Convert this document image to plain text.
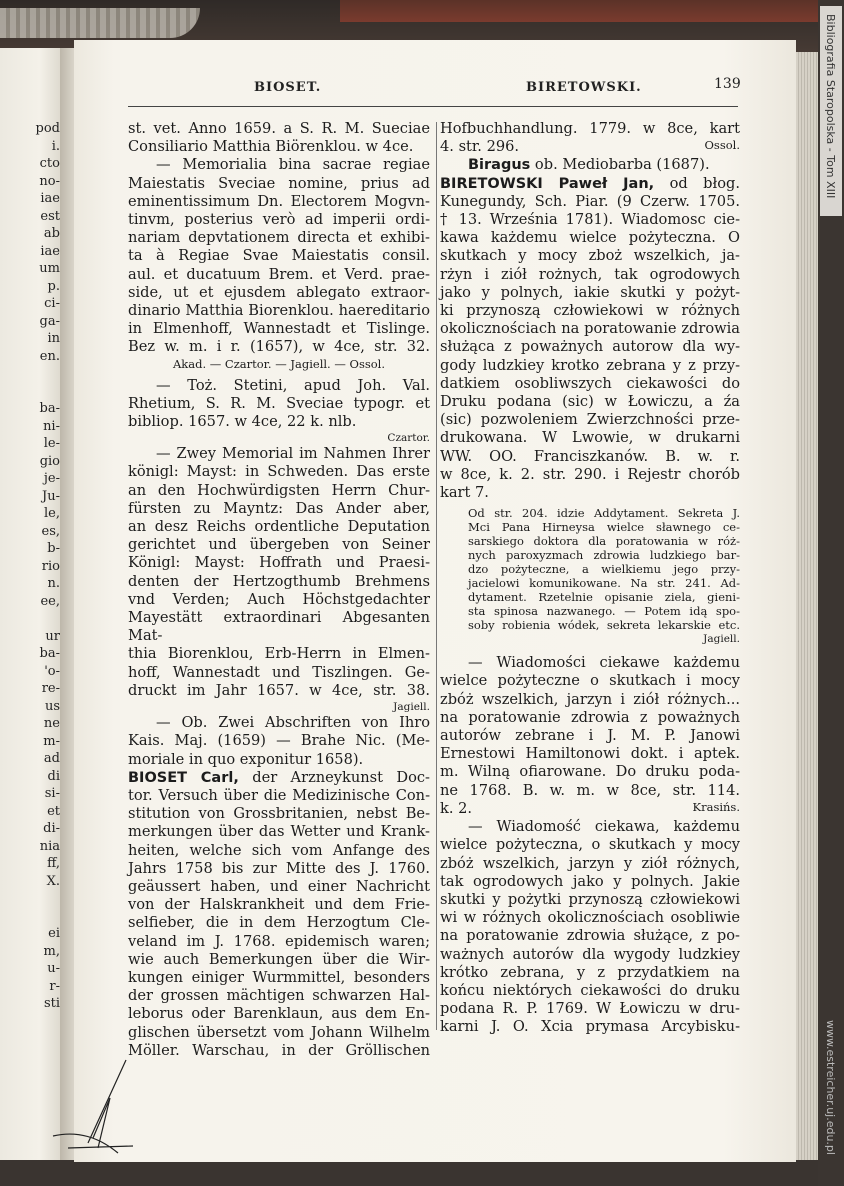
pod
i.
cto
no-
iae
est
ab
iae
um
p.
ci-
ga-
in
en.

ba-
ni-
le-
gio
je-
Ju-
le,
es,
b-
rio
n.
ee,

ur
ba-
'o-
re-
us
ne
m-
ad
di
si-
et
di-
nia
ff,
X.

ei
m,
u-
r-
sti
Bibliografia Staropolska - Tom XIII
www.estreicher.uj.edu.pl
BIOSET.	BIRETOWSKI.	139

st. vet. Anno 1659. a S. R. M. Sueciae

Consiliario Matthia Biörenklou. w 4ce.

— Memorialia bina sacrae regiae

Maiestatis Sveciae nomine, prius ad

eminentissimum Dn. Electorem Mogvn-

tinvm, posterius verò ad imperii ordi-

nariam depvtationem directa et exhibi-

ta à Regiae Svae Maiestatis consil.

aul. et ducatuum Brem. et Verd. prae-

side, ut et ejusdem ablegato extraor-

dinario Matthia Biorenklou. haereditario

in Elmenhoff, Wannestadt et Tislinge.

Bez w. m. i r. (1657), w 4ce, str. 32.

Akad. — Czartor. — Jagiell. — Ossol.

— Toż. Stetini, apud Joh. Val.

Rhetium, S. R. M. Sveciae typogr. et

bibliop. 1657. w 4ce, 22 k. nlb.

Czartor.

— Zwey Memorial im Nahmen Ihrer

königl: Mayst: in Schweden. Das erste

an den Hochwürdigsten Herrn Chur-

fürsten zu Mayntz: Das Ander aber,

an desz Reichs ordentliche Deputation

gerichtet und übergeben von Seiner

Königl: Mayst: Hoffrath und Praesi-

denten der Hertzogthumb Brehmens

vnd Verden; Auch Höchstgedachter

Mayestätt extraordinari Abgesanten Mat-

thia Biorenklou, Erb-Herrn in Elmen-

hoff, Wannestadt und Tiszlingen. Ge-

druckt im Jahr 1657. w 4ce, str. 38.

Jagiell.

— Ob. Zwei Abschriften von Ihro

Kais. Maj. (1659) — Brahe Nic. (Me-

moriale in quo exponitur 1658).

BIOSET Carl, der Arzneykunst Doc-

tor. Versuch über die Medizinische Con-

stitution von Grossbritanien, nebst Be-

merkungen über das Wetter und Krank-

heiten, welche sich vom Anfange des

Jahrs 1758 bis zur Mitte des J. 1760.

geäussert haben, und einer Nachricht

von der Halskrankheit und dem Frie-

selfieber, die in dem Herzogtum Cle-

veland im J. 1768. epidemisch waren;

wie auch Bemerkungen über die Wir-

kungen einiger Wurmmittel, besonders

der grossen mächtigen schwarzen Hal-

leborus oder Barenklaun, aus dem En-

glischen übersetzt vom Johann Wilhelm

Möller. Warschau, in der Gröllischen

Hofbuchhandlung. 1779. w 8ce, kart

4. str. 296.	Ossol.

Biragus ob. Mediobarba (1687).

BIRETOWSKI Paweł Jan, od błog.

Kunegundy, Sch. Piar. (9 Czerw. 1705.

† 13. Września 1781). Wiadomosc cie-

kawa każdemu wielce pożyteczna. O

skutkach y mocy zboż wszelkich, ja-

rżyn i ziół rożnych, tak ogrodowych

jako y polnych, iakie skutki y pożyt-

ki przynoszą człowiekowi w różnych

okolicznościach na poratowanie zdrowia

służąca z poważnych autorow dla wy-

gody ludzkiey krotko zebrana y z przy-

datkiem osobliwszych ciekawości do

Druku podana (sic) w Łowiczu, a źa

(sic) pozwoleniem Zwierzchności prze-

drukowana. W Lwowie, w drukarni

WW. OO. Franciszkanów. B. w. r.

w 8ce, k. 2. str. 290. i Rejestr chorób

kart 7.

Od str. 204. idzie Addytament. Sekreta J.

Mci Pana Hirneysa wielce sławnego ce-

sarskiego doktora dla poratowania w róż-

nych paroxyzmach zdrowia ludzkiego bar-

dzo pożyteczne, a wielkiemu jego przy-

jacielowi komunikowane. Na str. 241. Ad-

dytament. Rzetelnie opisanie ziela, gieni-

sta spinosa nazwanego. — Potem idą spo-

soby robienia wódek, sekreta lekarskie etc.

Jagiell.

— Wiadomości ciekawe każdemu

wielce pożyteczne o skutkach i mocy

zbóż wszelkich, jarzyn i ziół różnych...

na poratowanie zdrowia z poważnych

autorów zebrane i J. M. P. Janowi

Ernestowi Hamiltonowi dokt. i aptek.

m. Wilną ofiarowane. Do druku poda-

ne 1768. B. w. m. w 8ce, str. 114.

k. 2.	Krasińs.

— Wiadomość ciekawa, każdemu

wielce pożyteczna, o skutkach y mocy

zbóż wszelkich, jarzyn y ziół różnych,

tak ogrodowych jako y polnych. Jakie

skutki y pożytki przynoszą człowiekowi

wi w różnych okolicznościach osobliwie

na poratowanie zdrowia służące, z po-

ważnych autorów dla wygody ludzkiey

krótko zebrana, y z przydatkiem na

końcu niektórych ciekawości do druku

podana R. P. 1769. W Łowiczu w dru-

karni J. O. Xcia prymasa Arcybisku-
